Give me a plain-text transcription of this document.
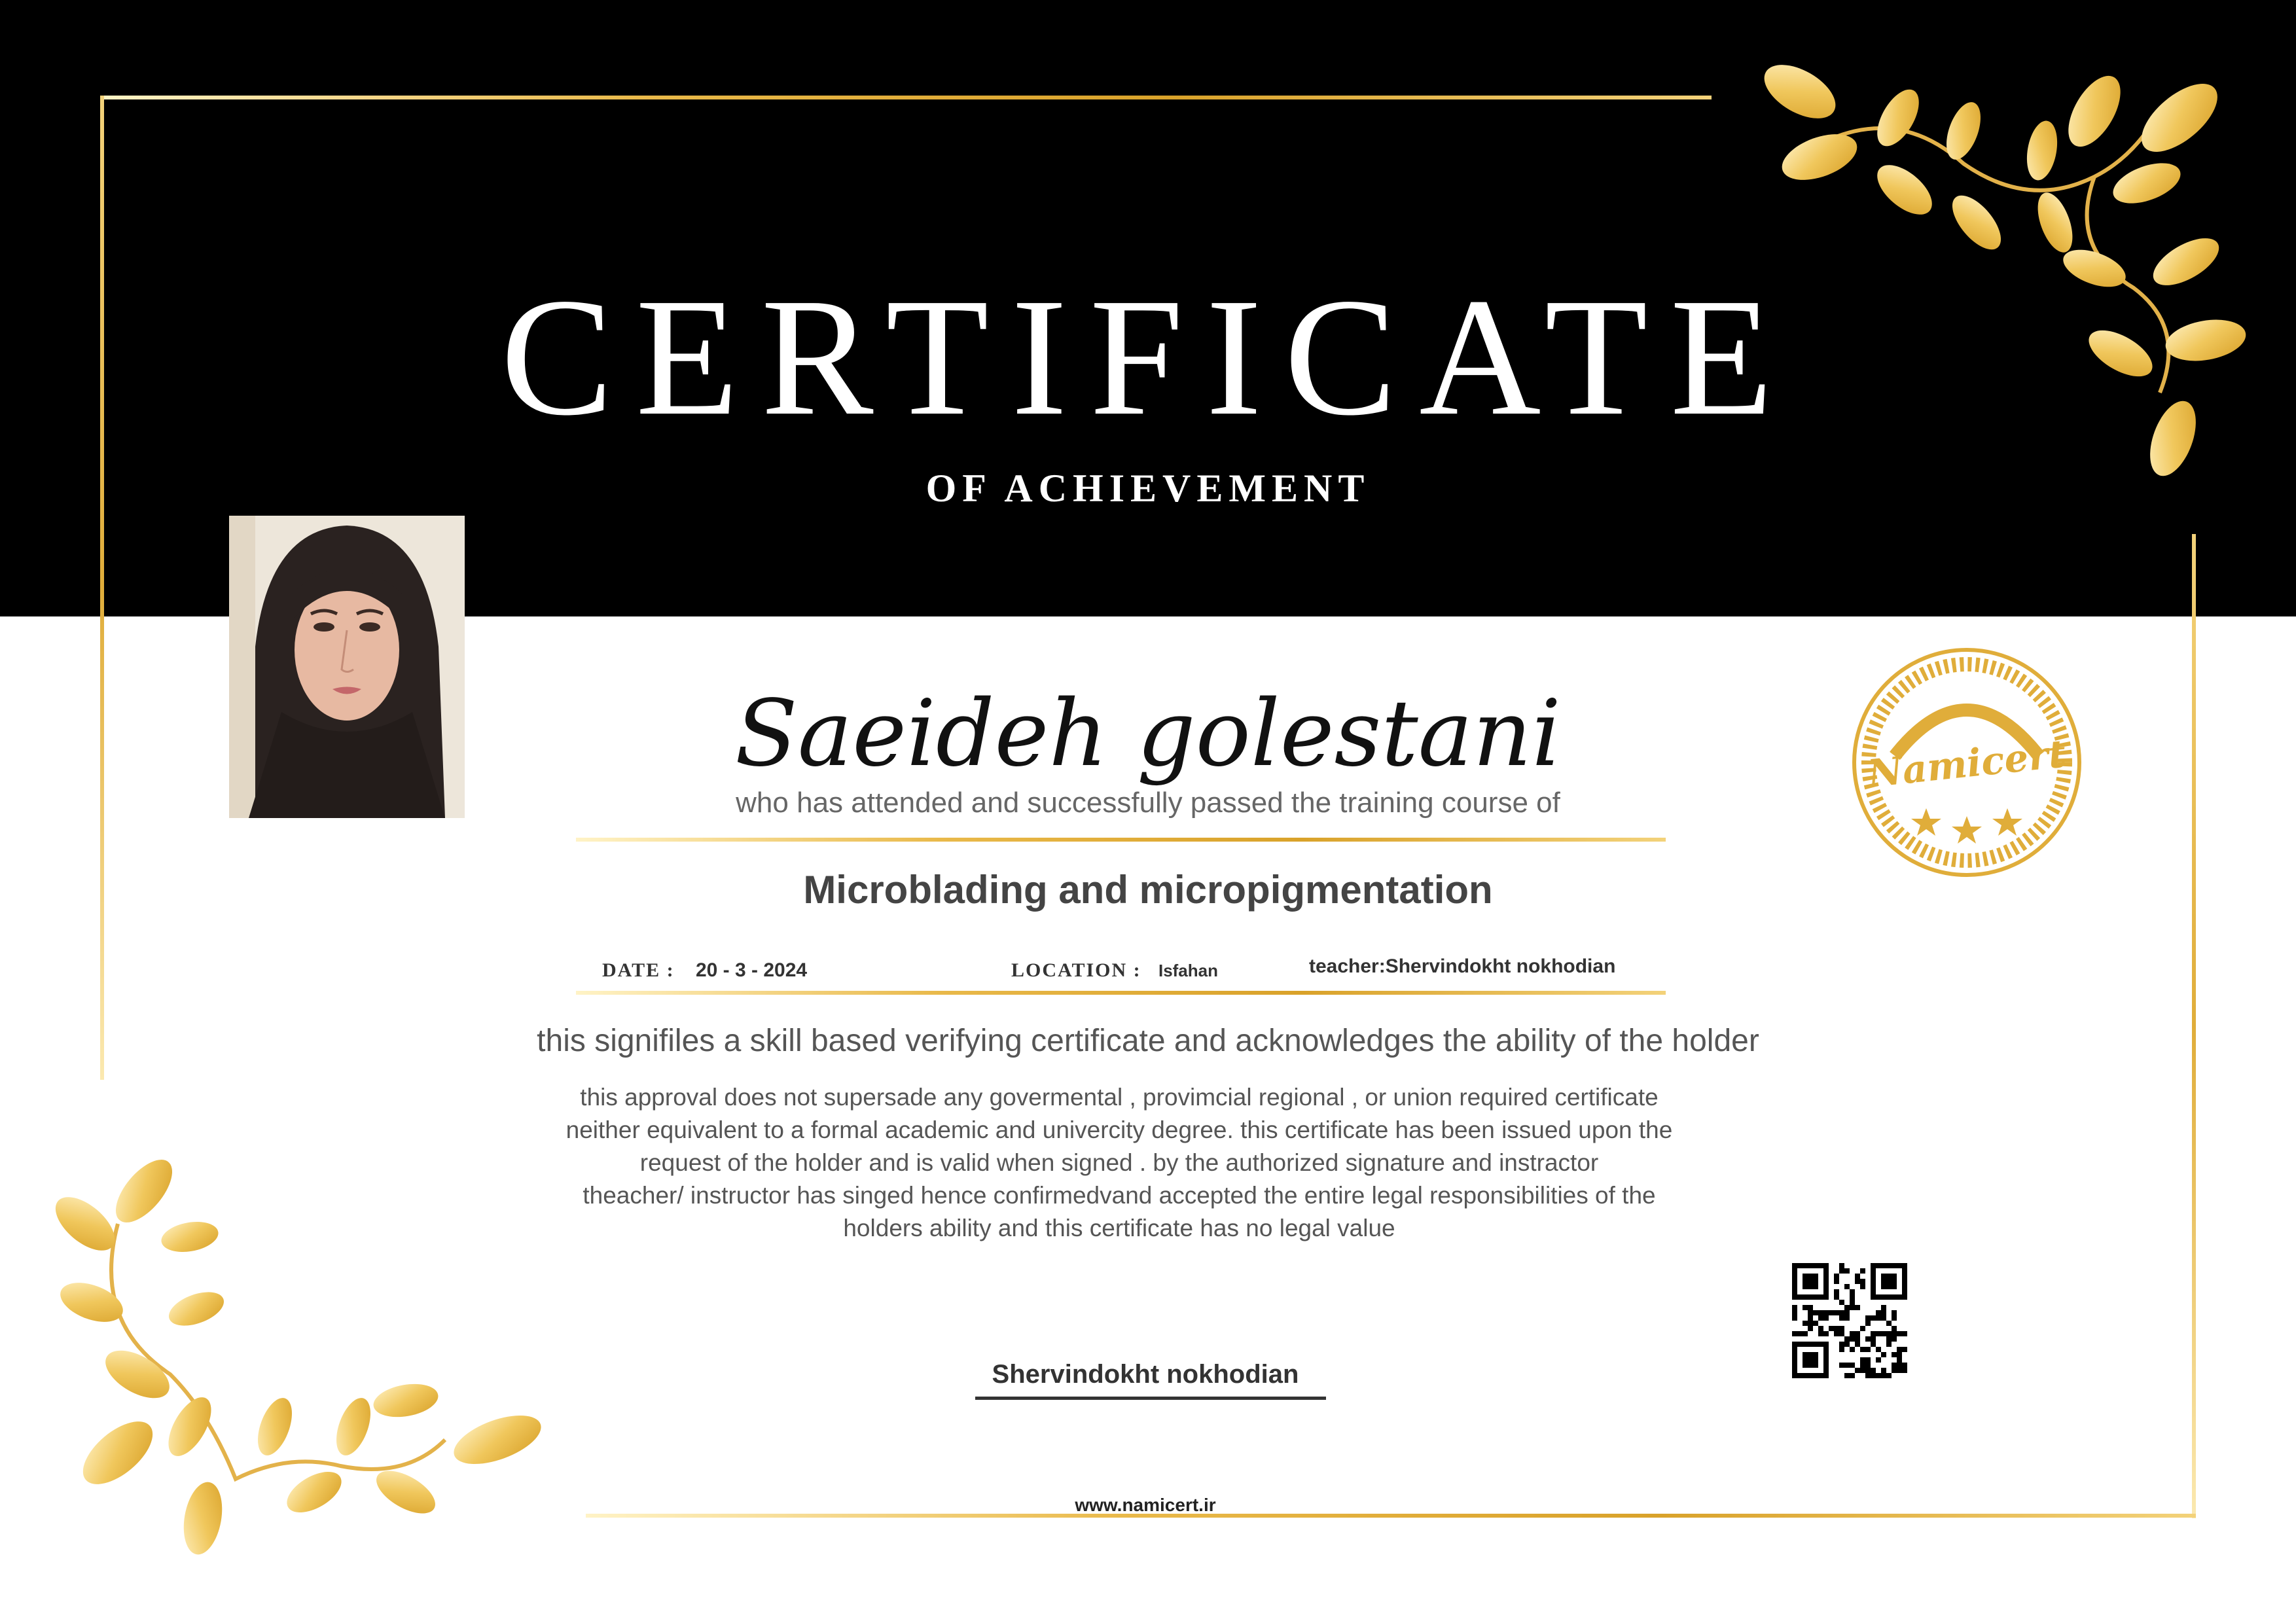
CERTIFICATE
OF ACHIEVEMENT
Saeideh golestani
who has attended and successfully passed the training course of
Microblading and micropigmentation
DATE : 20 - 3 - 2024	LOCATION : Isfahan	teacher:Shervindokht nokhodian
this signifiles a skill based verifying certificate and acknowledges the ability of the holder
this approval does not supersade any govermental , provimcial regional , or union required certificate
neither equivalent to a formal academic and univercity degree. this certificate has been issued upon the
request of the holder and is valid when signed . by the authorized signature and instractor
theacher/ instructor has singed hence confirmedvand accepted the entire legal responsibilities of the
holders ability and this certificate has no legal value
Namicert
Shervindokht nokhodian
www.namicert.ir
